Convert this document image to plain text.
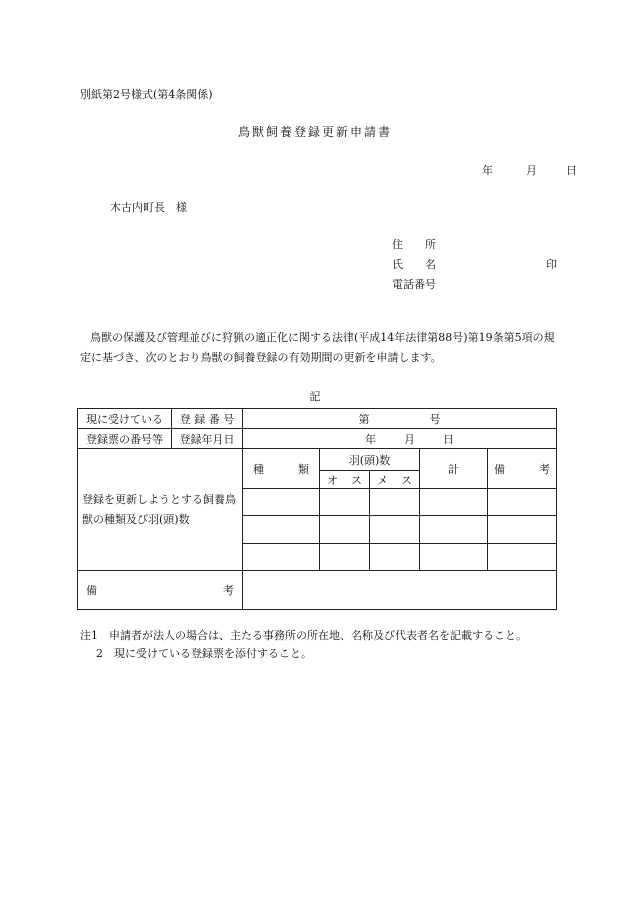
別紙第2号様式(第4条関係)
鳥獣飼養登録更新申請書
年	月	日
木古内町長　様
住　　所
氏　　名	印
電話番号
鳥獣の保護及び管理並びに狩猟の適正化に関する法律(平成14年法律第88号)第19条第5項の規定に基づき、次のとおり鳥獣の飼養登録の有効期間の更新を申請します。
記
現に受けている	登 録 番 号	第 号				

登録票の番号等	登録年月日	年 月 日				

登録を更新しようとする飼養鳥獣の種類及び羽(頭)数		種 類	羽(頭)数		計	備 考

			オ ス	メ ス		

備 考						

注1　申請者が法人の場合は、主たる事務所の所在地、名称及び代表者名を記載すること。
2　現に受けている登録票を添付すること。
